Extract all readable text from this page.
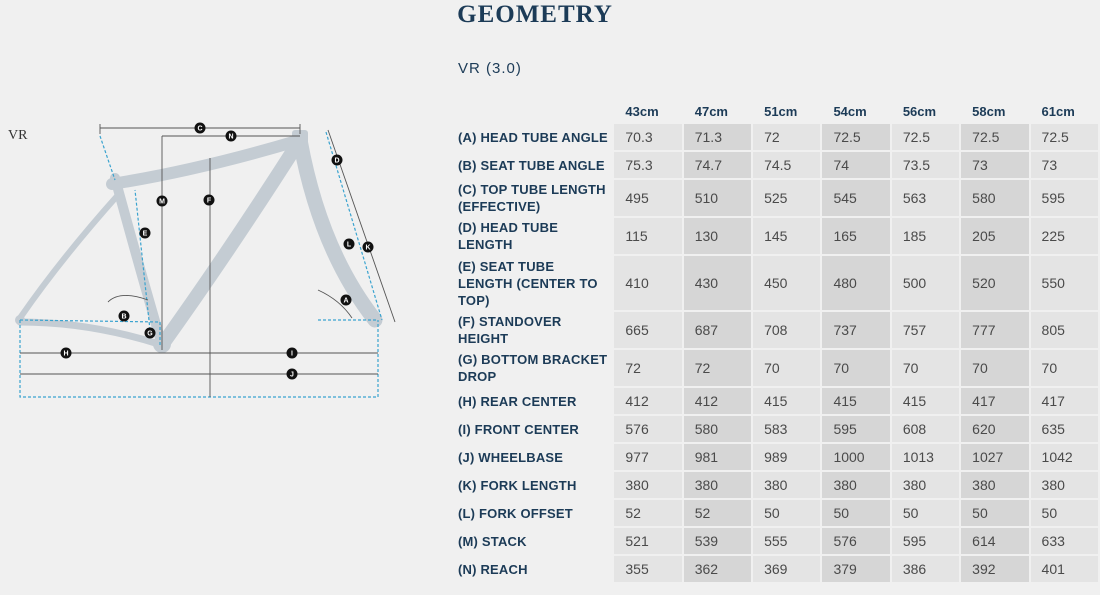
GEOMETRY
VR (3.0)
VR
A
B
C
D
E
F
G
H	I
J
K
L
M
N
	43cm	47cm	51cm	54cm	56cm	58cm	61cm
(A) HEAD TUBE ANGLE	70.3	71.3	72	72.5	72.5	72.5	72.5
(B) SEAT TUBE ANGLE	75.3	74.7	74.5	74	73.5	73	73
(C) TOP TUBE LENGTH (EFFECTIVE)	495	510	525	545	563	580	595
(D) HEAD TUBE LENGTH	115	130	145	165	185	205	225
(E) SEAT TUBE LENGTH (CENTER TO TOP)	410	430	450	480	500	520	550
(F) STANDOVER HEIGHT	665	687	708	737	757	777	805
(G) BOTTOM BRACKET DROP	72	72	70	70	70	70	70
(H) REAR CENTER	412	412	415	415	415	417	417
(I) FRONT CENTER	576	580	583	595	608	620	635
(J) WHEELBASE	977	981	989	1000	1013	1027	1042
(K) FORK LENGTH	380	380	380	380	380	380	380
(L) FORK OFFSET	52	52	50	50	50	50	50
(M) STACK	521	539	555	576	595	614	633
(N) REACH	355	362	369	379	386	392	401
